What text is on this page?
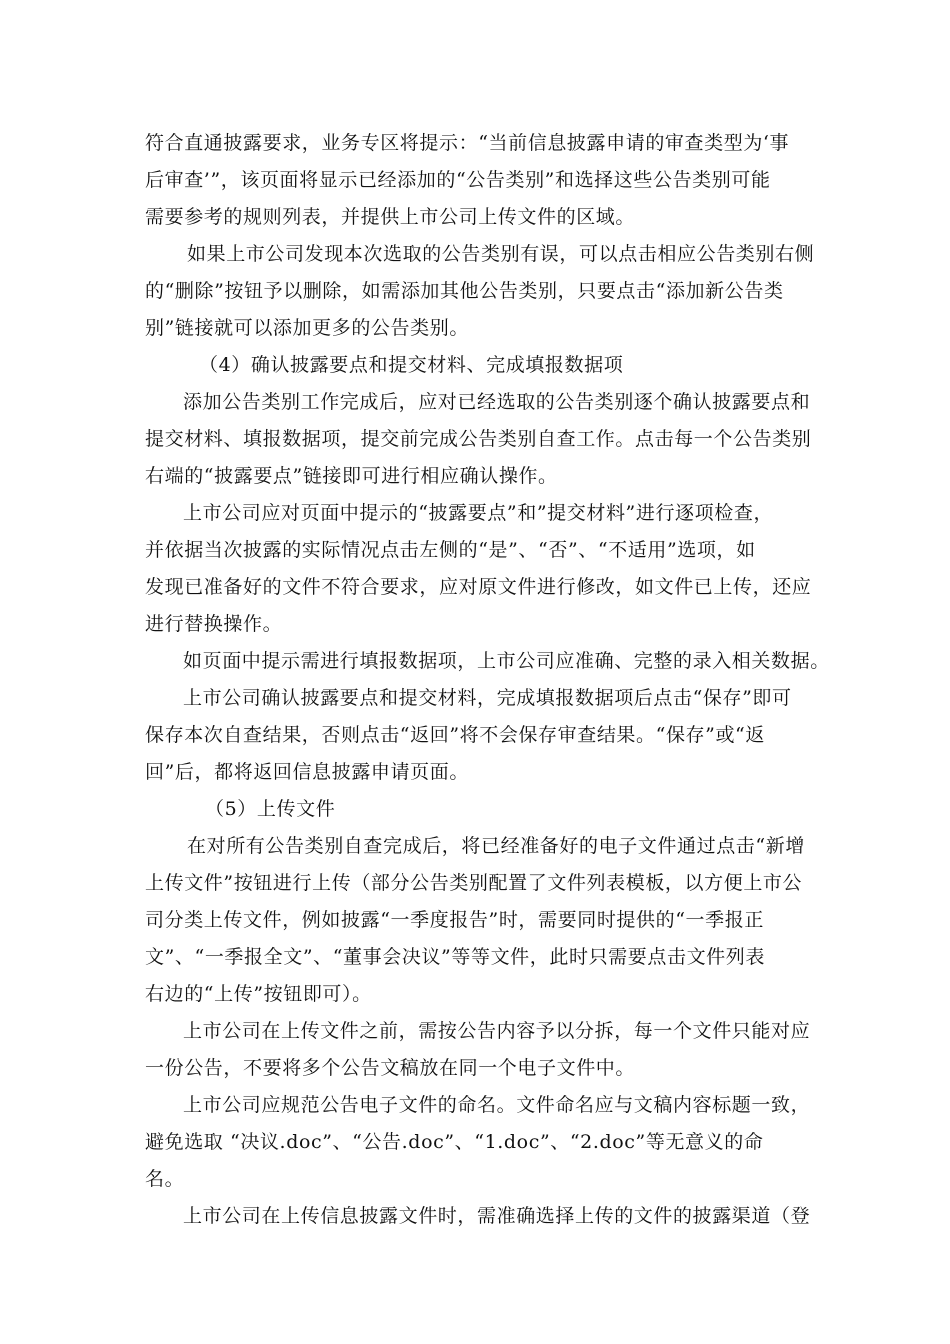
符合直通披露要求，业务专区将提示：“当前信息披露申请的审查类型为‘事
后审查’”，该页面将显示已经添加的“公告类别”和选择这些公告类别可能
需要参考的规则列表，并提供上市公司上传文件的区域。
如果上市公司发现本次选取的公告类别有误，可以点击相应公告类别右侧
的“删除”按钮予以删除，如需添加其他公告类别，只要点击“添加新公告类
别”链接就可以添加更多的公告类别。
（4）确认披露要点和提交材料、完成填报数据项
添加公告类别工作完成后，应对已经选取的公告类别逐个确认披露要点和
提交材料、填报数据项，提交前完成公告类别自查工作。点击每一个公告类别
右端的“披露要点”链接即可进行相应确认操作。
上市公司应对页面中提示的“披露要点”和”提交材料”进行逐项检查，
并依据当次披露的实际情况点击左侧的“是”、“否”、“不适用”选项，如
发现已准备好的文件不符合要求，应对原文件进行修改，如文件已上传，还应
进行替换操作。
如页面中提示需进行填报数据项，上市公司应准确、完整的录入相关数据。
上市公司确认披露要点和提交材料，完成填报数据项后点击“保存”即可
保存本次自查结果，否则点击“返回”将不会保存审查结果。“保存”或“返
回”后，都将返回信息披露申请页面。
（5）上传文件
在对所有公告类别自查完成后，将已经准备好的电子文件通过点击“新增
上传文件”按钮进行上传（部分公告类别配置了文件列表模板，以方便上市公
司分类上传文件，例如披露“一季度报告”时，需要同时提供的“一季报正
文”、“一季报全文”、“董事会决议”等等文件，此时只需要点击文件列表
右边的“上传”按钮即可）。
上市公司在上传文件之前，需按公告内容予以分拆，每一个文件只能对应
一份公告，不要将多个公告文稿放在同一个电子文件中。
上市公司应规范公告电子文件的命名。文件命名应与文稿内容标题一致，
避免选取 “决议.doc”、“公告.doc”、“1.doc”、“2.doc”等无意义的命
名。
上市公司在上传信息披露文件时，需准确选择上传的文件的披露渠道（登
